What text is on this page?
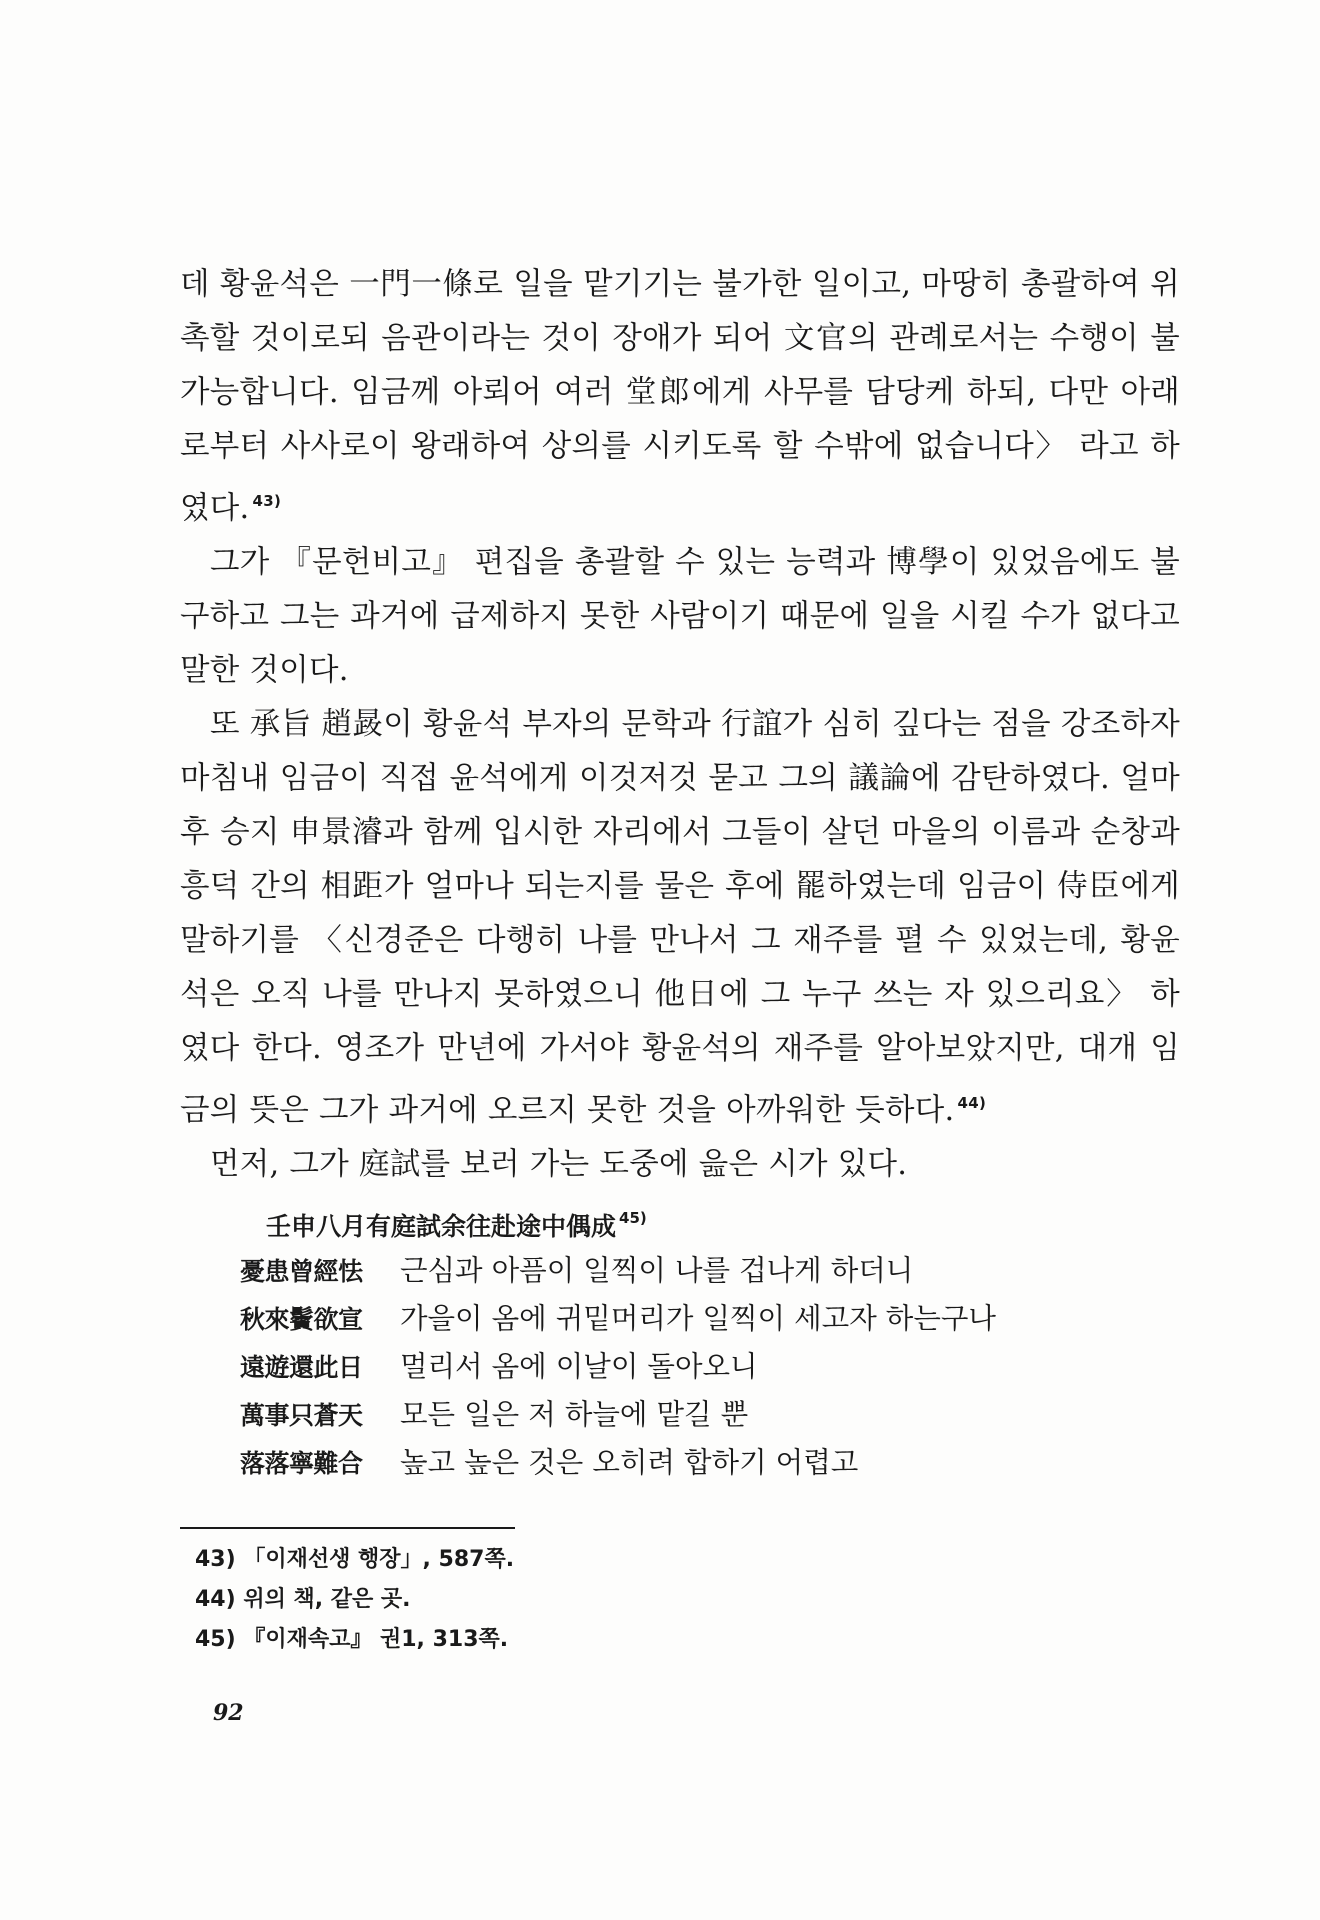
데 황윤석은 一門一條로 일을 맡기기는 불가한 일이고, 마땅히 총괄하여 위촉할 것이로되 음관이라는 것이 장애가 되어 文官의 관례로서는 수행이 불가능합니다. 임금께 아뢰어 여러 堂郎에게 사무를 담당케 하되, 다만 아래로부터 사사로이 왕래하여 상의를 시키도록 할 수밖에 없습니다〉 라고 하였다. $^{43)}$

그가 『문헌비고』 편집을 총괄할 수 있는 능력과 博學이 있었음에도 불구하고 그는 과거에 급제하지 못한 사람이기 때문에 일을 시킬 수가 없다고 말한 것이다.

또 承旨 趙晸이 황윤석 부자의 문학과 行誼가 심히 깊다는 점을 강조하자 마침내 임금이 직접 윤석에게 이것저것 묻고 그의 議論에 감탄하였다. 얼마 후 승지 申景濬과 함께 입시한 자리에서 그들이 살던 마을의 이름과 순창과 흥덕 간의 相距가 얼마나 되는지를 물은 후에 罷하였는데 임금이 侍臣에게 말하기를 〈신경준은 다행히 나를 만나서 그 재주를 펼 수 있었는데, 황윤석은 오직 나를 만나지 못하였으니 他日에 그 누구 쓰는 자 있으리요〉 하였다 한다. 영조가 만년에 가서야 황윤석의 재주를 알아보았지만, 대개 임금의 뜻은 그가 과거에 오르지 못한 것을 아까워한 듯하다. $^{44)}$

먼저, 그가 庭試를 보러 가는 도중에 읊은 시가 있다.

壬申八月有庭試余往赴途中偶成 $^{45)}$
憂患曾經怯	근심과 아픔이 일찍이 나를 겁나게 하더니
秋來鬢欲宣	가을이 옴에 귀밑머리가 일찍이 세고자 하는구나
遠遊還此日	멀리서 옴에 이날이 돌아오니
萬事只蒼天	모든 일은 저 하늘에 맡길 뿐
落落寧難合	높고 높은 것은 오히려 합하기 어렵고
43) 「이재선생 행장」, 587쪽.
44) 위의 책, 같은 곳.
45) 『이재속고』 권1, 313쪽.
92
